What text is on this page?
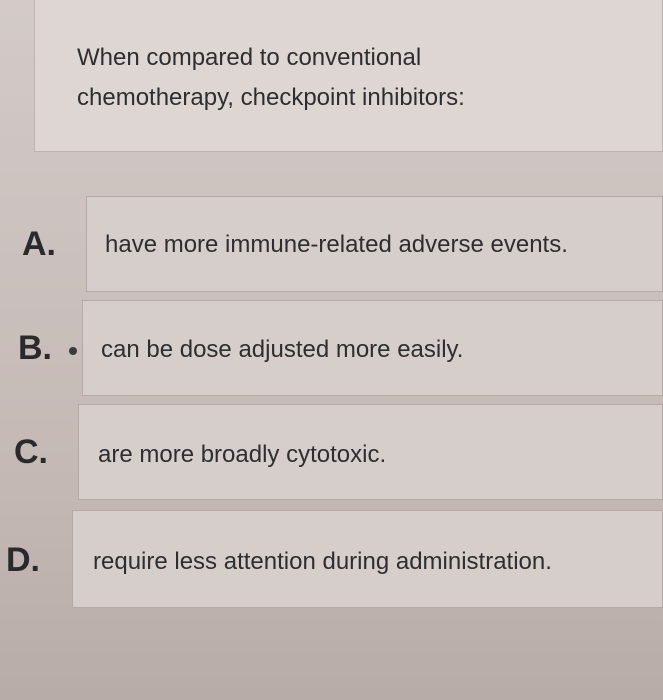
When compared to conventional chemotherapy, checkpoint inhibitors:
have more immune-related adverse events.
A.
can be dose adjusted more easily.
B.
are more broadly cytotoxic.
C.
require less attention during administration.
D.
